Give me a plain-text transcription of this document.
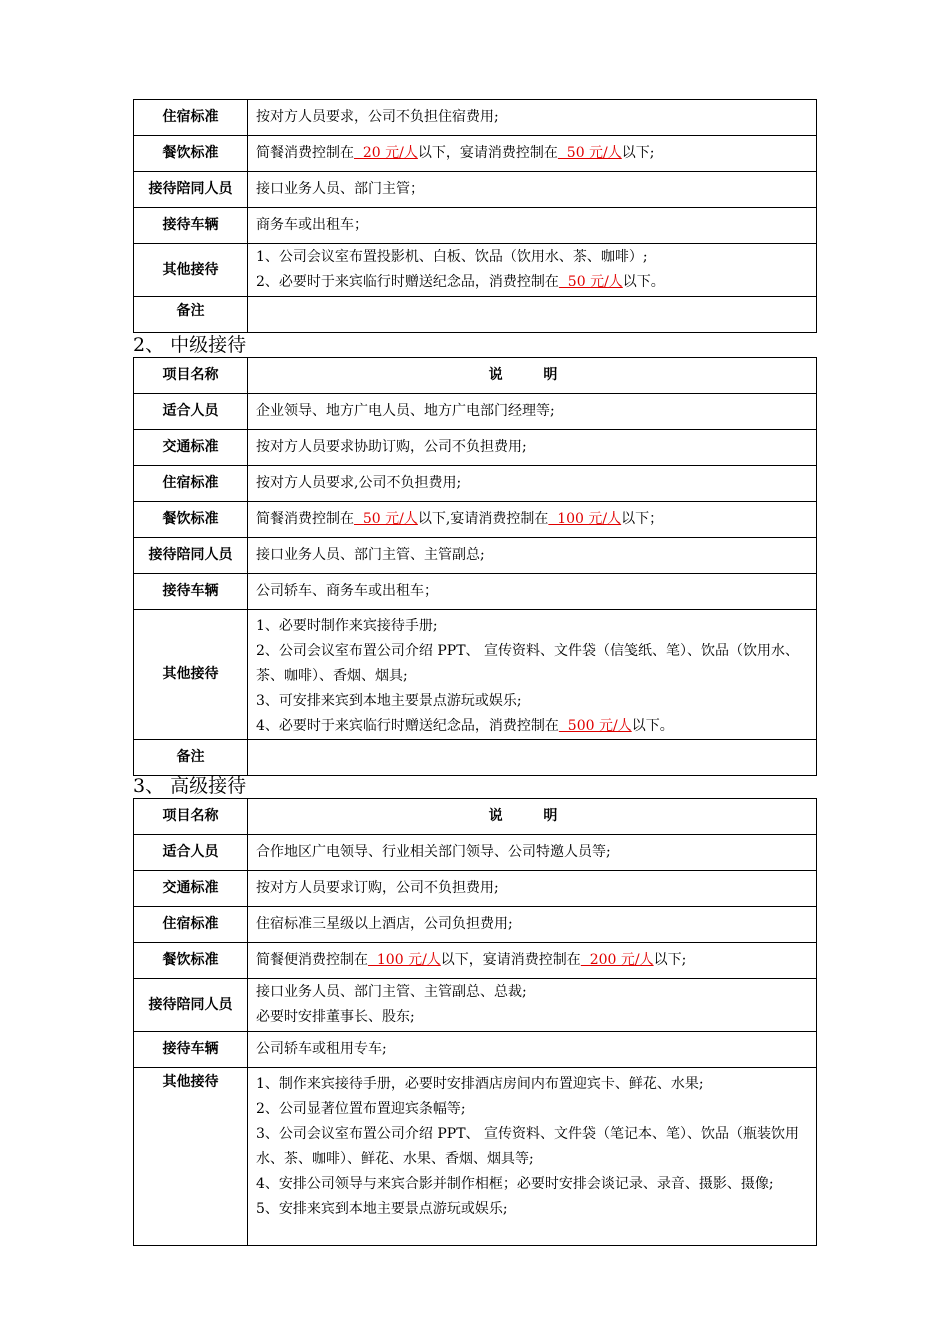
住宿标准	按对方人员要求，公司不负担住宿费用;
餐饮标准	简餐消费控制在  20 元/人以下，宴请消费控制在  50 元/人以下;
接待陪同人员	接口业务人员、部门主管；
接待车辆	商务车或出租车；
其他接待	1、公司会议室布置投影机、白板、饮品（饮用水、茶、咖啡）;
2、必要时于来宾临行时赠送纪念品，消费控制在  50 元/人以下。

备注	
2、 中级接待
项目名称	说 明
适合人员	企业领导、地方广电人员、地方广电部门经理等;
交通标准	按对方人员要求协助订购，公司不负担费用;
住宿标准	按对方人员要求,公司不负担费用;
餐饮标准	简餐消费控制在  50 元/人以下,宴请消费控制在  100 元/人以下；
接待陪同人员	接口业务人员、部门主管、主管副总;
接待车辆	公司轿车、商务车或出租车；
其他接待	1、必要时制作来宾接待手册;
2、公司会议室布置公司介绍 PPT、 宣传资料、文件袋（信笺纸、笔）、饮品（饮用水、茶、咖啡）、香烟、烟具;
3、可安排来宾到本地主要景点游玩或娱乐;
4、必要时于来宾临行时赠送纪念品，消费控制在  500 元/人以下。

备注	
3、 高级接待
项目名称	说 明
适合人员	合作地区广电领导、行业相关部门领导、公司特邀人员等;
交通标准	按对方人员要求订购，公司不负担费用;
住宿标准	住宿标准三星级以上酒店，公司负担费用;
餐饮标准	简餐便消费控制在  100 元/人以下，宴请消费控制在  200 元/人以下;
接待陪同人员	接口业务人员、部门主管、主管副总、总裁;
必要时安排董事长、股东;

接待车辆	公司轿车或租用专车;
其他接待	1、制作来宾接待手册，必要时安排酒店房间内布置迎宾卡、鲜花、水果;
2、公司显著位置布置迎宾条幅等;
3、公司会议室布置公司介绍 PPT、 宣传资料、文件袋（笔记本、笔）、饮品（瓶装饮用水、茶、咖啡）、鲜花、水果、香烟、烟具等;
4、安排公司领导与来宾合影并制作相框；必要时安排会谈记录、录音、摄影、摄像;
5、安排来宾到本地主要景点游玩或娱乐;
